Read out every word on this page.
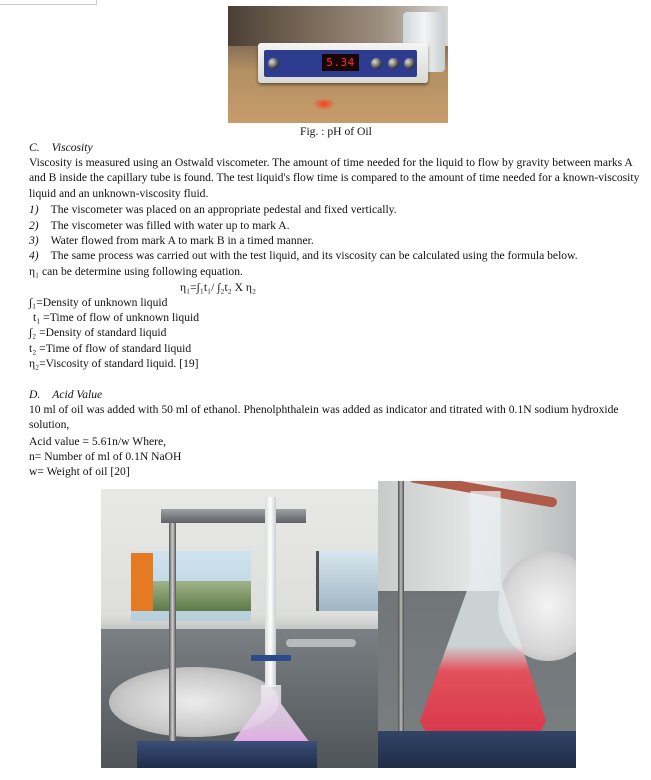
5.34
Fig. : pH of Oil
C. Viscosity
Viscosity is measured using an Ostwald viscometer. The amount of time needed for the liquid to flow by gravity between marks A and B inside the capillary tube is found. The test liquid's flow time is compared to the amount of time needed for a known-viscosity liquid and an unknown-viscosity fluid.
1) The viscometer was placed on an appropriate pedestal and fixed vertically.
2) The viscometer was filled with water up to mark A.
3) Water flowed from mark A to mark B in a timed manner.
4) The same process was carried out with the test liquid, and its viscosity can be calculated using the formula below.
η₁ can be determine using following equation.
η₁=∫₁t₁/ ∫₂t₂ X η₂
∫₁=Density of unknown liquid
t₁ =Time of flow of unknown liquid
∫₂ =Density of standard liquid
t₂ =Time of flow of standard liquid
η₂=Viscosity of standard liquid. [19]
D. Acid Value
10 ml of oil was added with 50 ml of ethanol. Phenolphthalein was added as indicator and titrated with 0.1N sodium hydroxide solution,
Acid value = 5.61n/w Where,
n= Number of ml of 0.1N NaOH
w= Weight of oil [20]
